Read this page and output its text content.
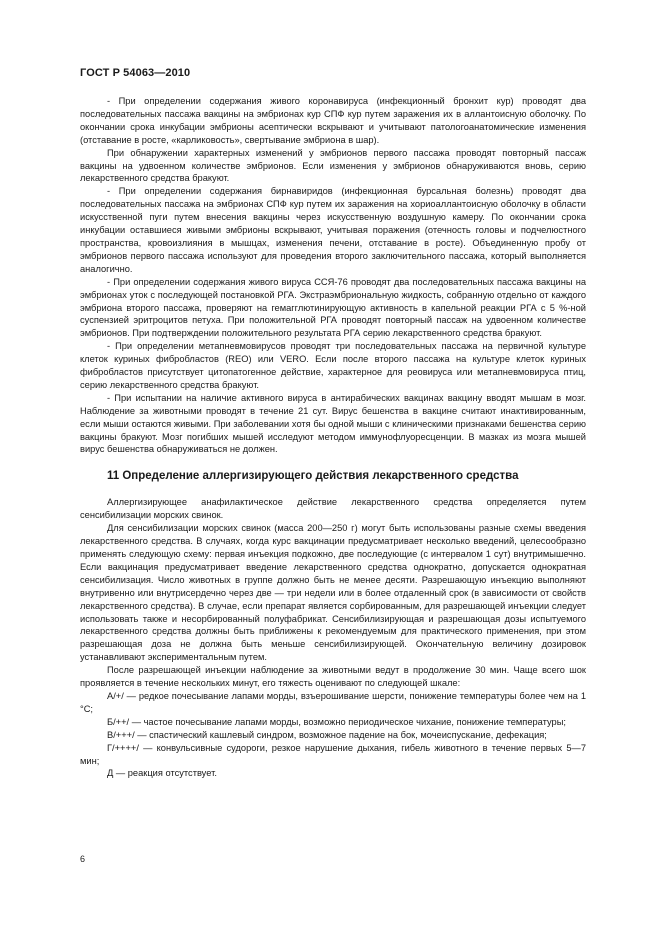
ГОСТ Р 54063—2010

- При определении содержания живого коронавируса (инфекционный бронхит кур) проводят два последовательных пассажа вакцины на эмбрионах кур СПФ кур путем заражения их в аллантоисную оболочку. По окончании срока инкубации эмбрионы асептически вскрывают и учитывают патологоанатомические изменения (отставание в росте, «карликовость», свертывание эмбриона в шар).

При обнаружении характерных изменений у эмбрионов первого пассажа проводят повторный пассаж вакцины на удвоенном количестве эмбрионов. Если изменения у эмбрионов обнаруживаются вновь, серию лекарственного средства бракуют.

- При определении содержания бирнавиридов (инфекционная бурсальная болезнь) проводят два последовательных пассажа на эмбрионах СПФ кур путем их заражения на хориоаллантоисную оболочку в области искусственной пуги путем внесения вакцины через искусственную воздушную камеру. По окончании срока инкубации оставшиеся живыми эмбрионы вскрывают, учитывая поражения (отечность головы и подчелюстного пространства, кровоизлияния в мышцах, изменения печени, отставание в росте). Объединенную пробу от эмбрионов первого пассажа используют для проведения второго заключительного пассажа, который выполняется аналогично.

- При определении содержания живого вируса ССЯ-76 проводят два последовательных пассажа вакцины на эмбрионах уток с последующей постановкой РГА. Экстраэмбриональную жидкость, собранную отдельно от каждого эмбриона второго пассажа, проверяют на гемагглютинирующую активность в капельной реакции РГА с 5 %-ной суспензией эритроцитов петуха. При положительной РГА проводят повторный пассаж на удвоенном количестве эмбрионов. При подтверждении положительного результата РГА серию лекарственного средства бракуют.

- При определении метапневмовирусов проводят три последовательных пассажа на первичной культуре клеток куриных фибробластов (REO) или VERO. Если после второго пассажа на культуре клеток куриных фибробластов присутствует цитопатогенное действие, характерное для реовируса или метапневмовируса птиц, серию лекарственного средства бракуют.

- При испытании на наличие активного вируса в антирабических вакцинах вакцину вводят мышам в мозг. Наблюдение за животными проводят в течение 21 сут. Вирус бешенства в вакцине считают инактивированным, если мыши остаются живыми. При заболевании хотя бы одной мыши с клиническими признаками бешенства серию вакцины бракуют. Мозг погибших мышей исследуют методом иммунофлуоресценции. В мазках из мозга мышей вирус бешенства обнаруживаться не должен.

11 Определение аллергизирующего действия лекарственного средства

Аллергизирующее анафилактическое действие лекарственного средства определяется путем сенсибилизации морских свинок.

Для сенсибилизации морских свинок (масса 200—250 г) могут быть использованы разные схемы введения лекарственного средства. В случаях, когда курс вакцинации предусматривает несколько введений, целесообразно применять следующую схему: первая инъекция подкожно, две последующие (с интервалом 1 сут) внутримышечно. Если вакцинация предусматривает введение лекарственного средства однократно, допускается однократная сенсибилизация. Число животных в группе должно быть не менее десяти. Разрешающую инъекцию выполняют внутривенно или внутрисердечно через две — три недели или в более отдаленный срок (в зависимости от свойств лекарственного средства). В случае, если препарат является сорбированным, для разрешающей инъекции следует использовать также и несорбированный полуфабрикат. Сенсибилизирующая и разрешающая дозы испытуемого лекарственного средства должны быть приближены к рекомендуемым для практического применения, при этом разрешающая доза не должна быть меньше сенсибилизирующей. Окончательную величину дозировок устанавливают экспериментальным путем.

После разрешающей инъекции наблюдение за животными ведут в продолжение 30 мин. Чаще всего шок проявляется в течение нескольких минут, его тяжесть оценивают по следующей шкале:

А/+/ — редкое почесывание лапами морды, взъерошивание шерсти, понижение температуры более чем на 1 °С;

Б/++/ — частое почесывание лапами морды, возможно периодическое чихание, понижение температуры;

В/+++/ — спастический кашлевый синдром, возможное падение на бок, мочеиспускание, дефекация;

Г/++++/ — конвульсивные судороги, резкое нарушение дыхания, гибель животного в течение первых 5—7 мин;

Д — реакция отсутствует.

6
